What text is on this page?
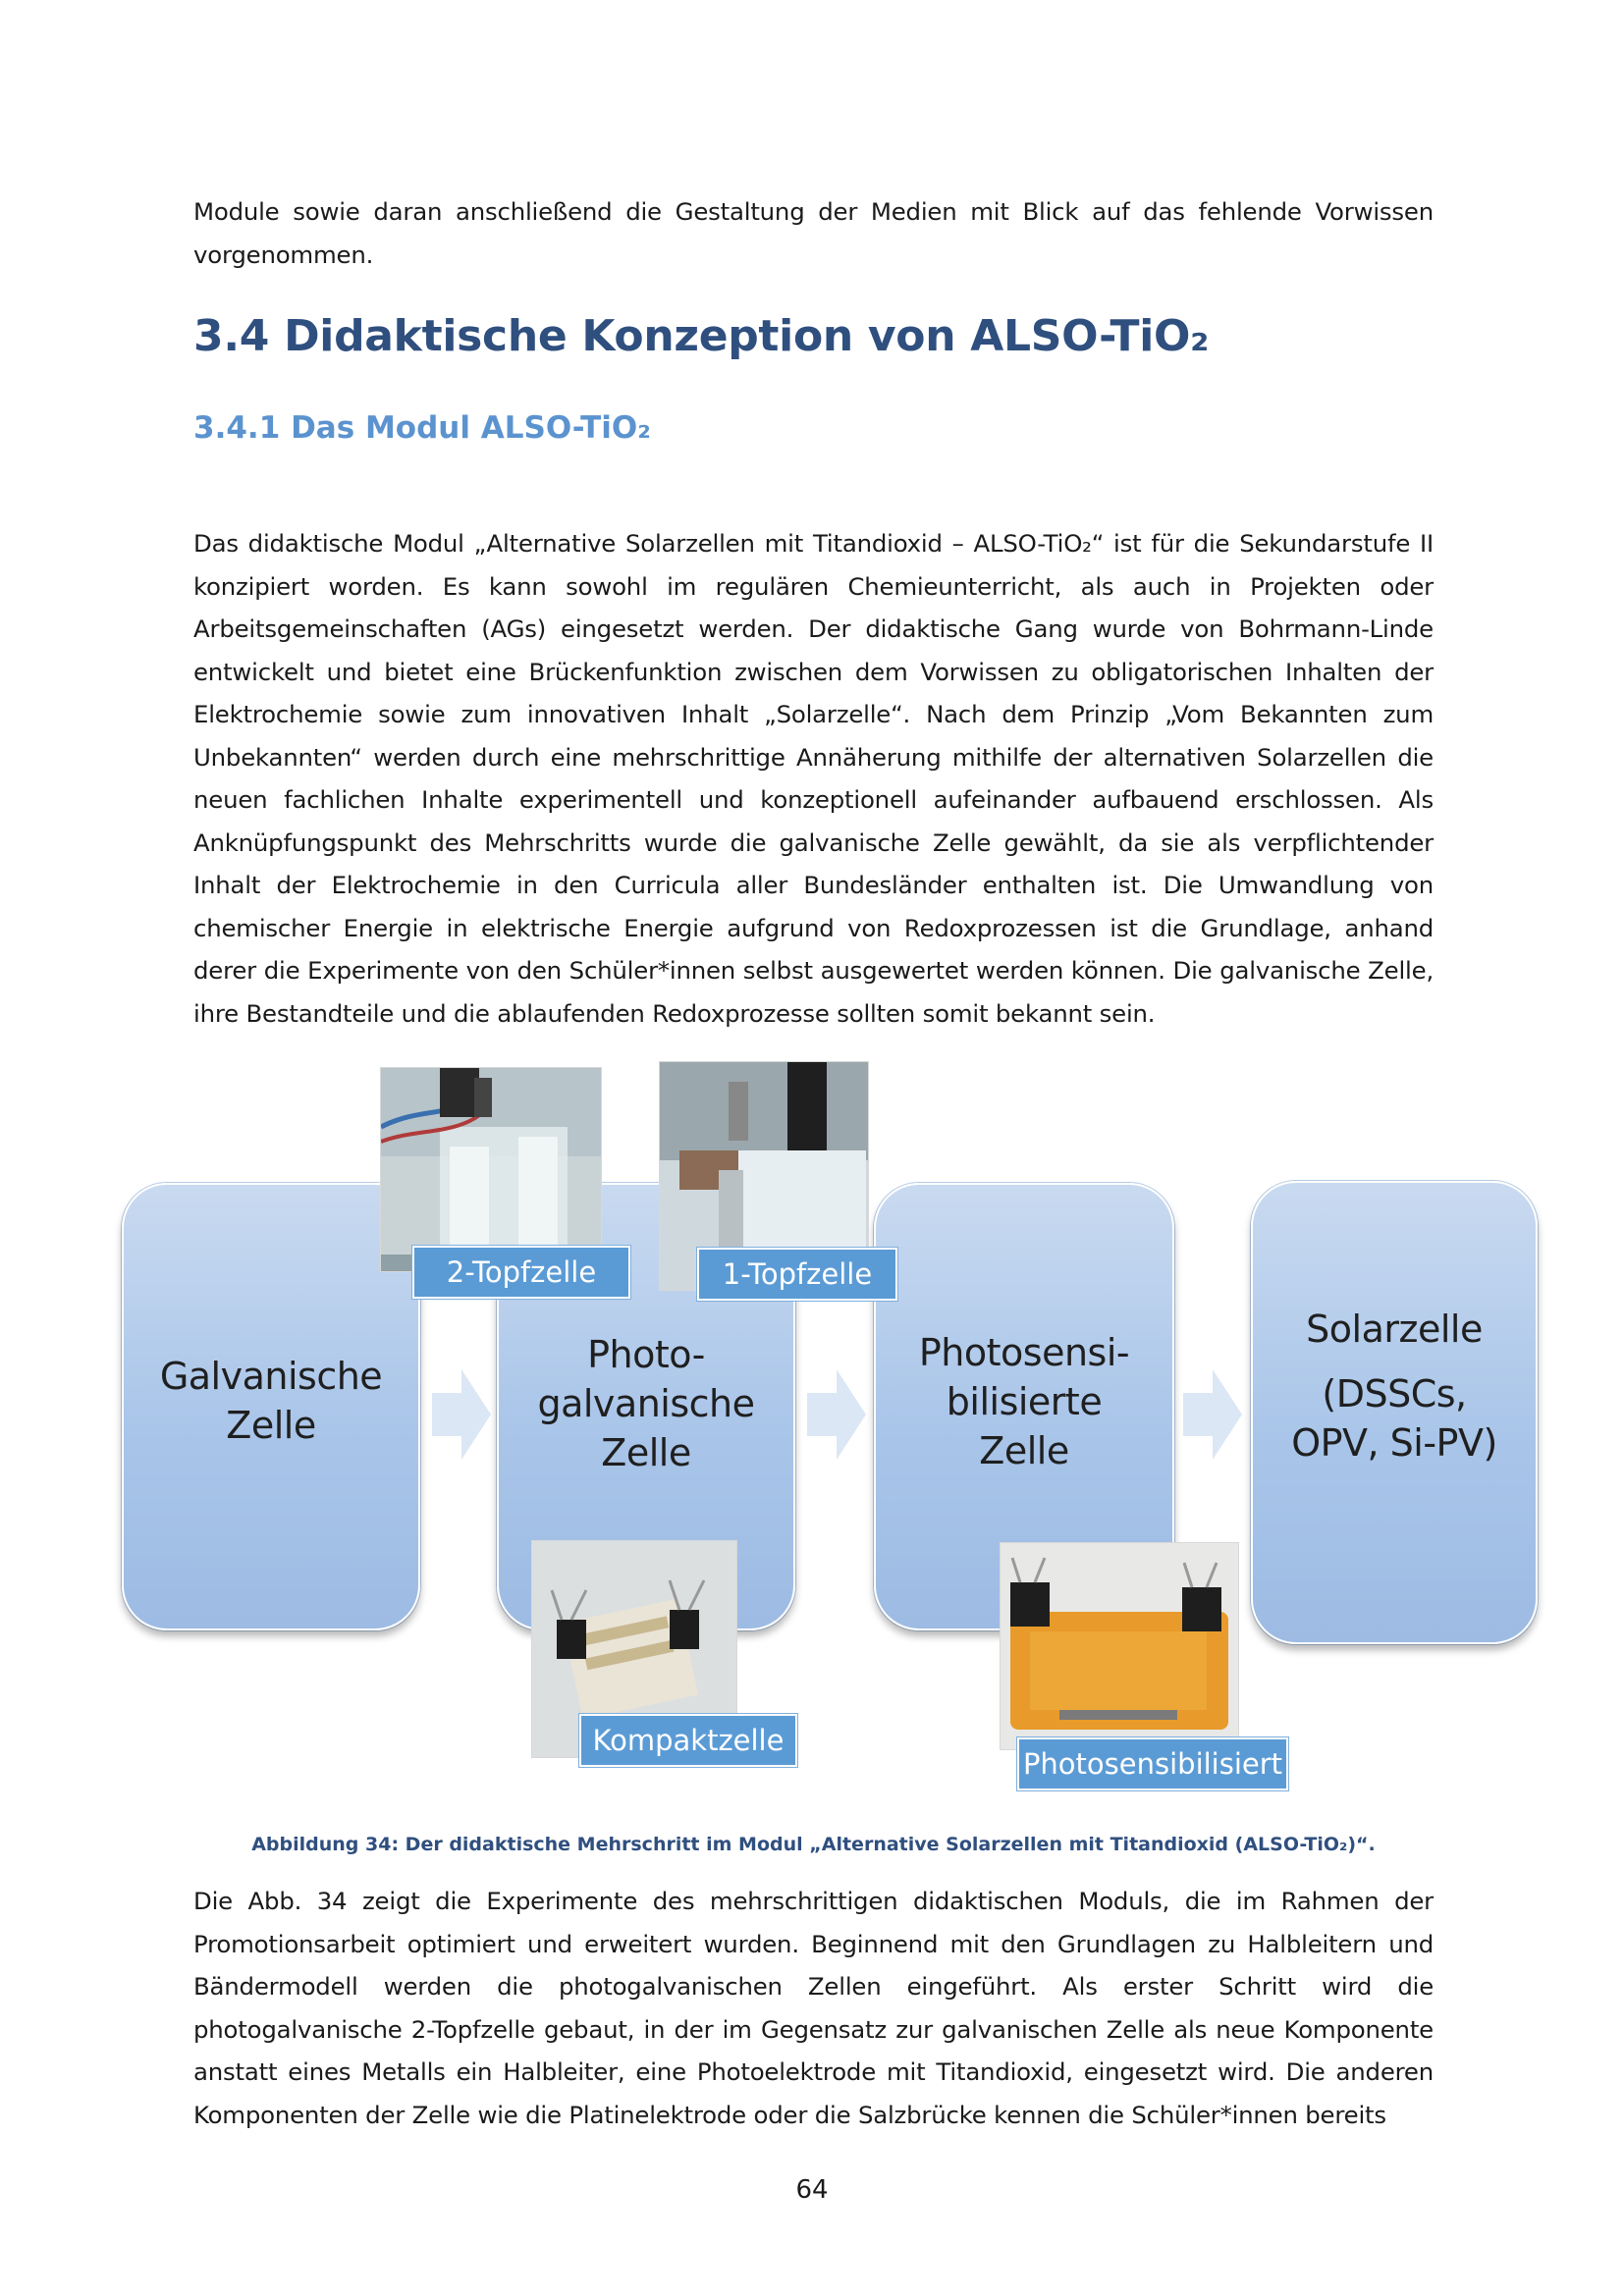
Module sowie daran anschließend die Gestaltung der Medien mit Blick auf das fehlende Vorwissen vorgenommen.

3.4 Didaktische Konzeption von ALSO-TiO₂
3.4.1 Das Modul ALSO-TiO₂

Das didaktische Modul „Alternative Solarzellen mit Titandioxid – ALSO-TiO₂“ ist für die Sekundarstufe II konzipiert worden. Es kann sowohl im regulären Chemieunterricht, als auch in Projekten oder Arbeitsgemeinschaften (AGs) eingesetzt werden. Der didaktische Gang wurde von Bohrmann-Linde entwickelt und bietet eine Brückenfunktion zwischen dem Vorwissen zu obligatorischen Inhalten der Elektrochemie sowie zum innovativen Inhalt „Solarzelle“. Nach dem Prinzip „Vom Bekannten zum Unbekannten“ werden durch eine mehrschrittige Annäherung mithilfe der alternativen Solarzellen die neuen fachlichen Inhalte experimentell und konzeptionell aufeinander aufbauend erschlossen. Als Anknüpfungspunkt des Mehrschritts wurde die galvanische Zelle gewählt, da sie als verpflichtender Inhalt der Elektrochemie in den Curricula aller Bundesländer enthalten ist. Die Umwandlung von chemischer Energie in elektrische Energie aufgrund von Redoxprozessen ist die Grundlage, anhand derer die Experimente von den Schüler*innen selbst ausgewertet werden können. Die galvanische Zelle, ihre Bestandteile und die ablaufenden Redoxprozesse sollten somit bekannt sein.

Galvanische
Zelle
Photo-
galvanische
Zelle
Photosensi-
bilisierte
Zelle
Solarzelle
(DSSCs,
OPV, Si-PV)
2-Topfzelle	1-Topfzelle
Kompaktzelle
Photosensibilisiert

Abbildung 34: Der didaktische Mehrschritt im Modul „Alternative Solarzellen mit Titandioxid (ALSO-TiO₂)“.

Die Abb. 34 zeigt die Experimente des mehrschrittigen didaktischen Moduls, die im Rahmen der Promotionsarbeit optimiert und erweitert wurden. Beginnend mit den Grundlagen zu Halbleitern und Bändermodell werden die photogalvanischen Zellen eingeführt. Als erster Schritt wird die photogalvanische 2-Topfzelle gebaut, in der im Gegensatz zur galvanischen Zelle als neue Komponente anstatt eines Metalls ein Halbleiter, eine Photoelektrode mit Titandioxid, eingesetzt wird. Die anderen Komponenten der Zelle wie die Platinelektrode oder die Salzbrücke kennen die Schüler*innen bereits

64
